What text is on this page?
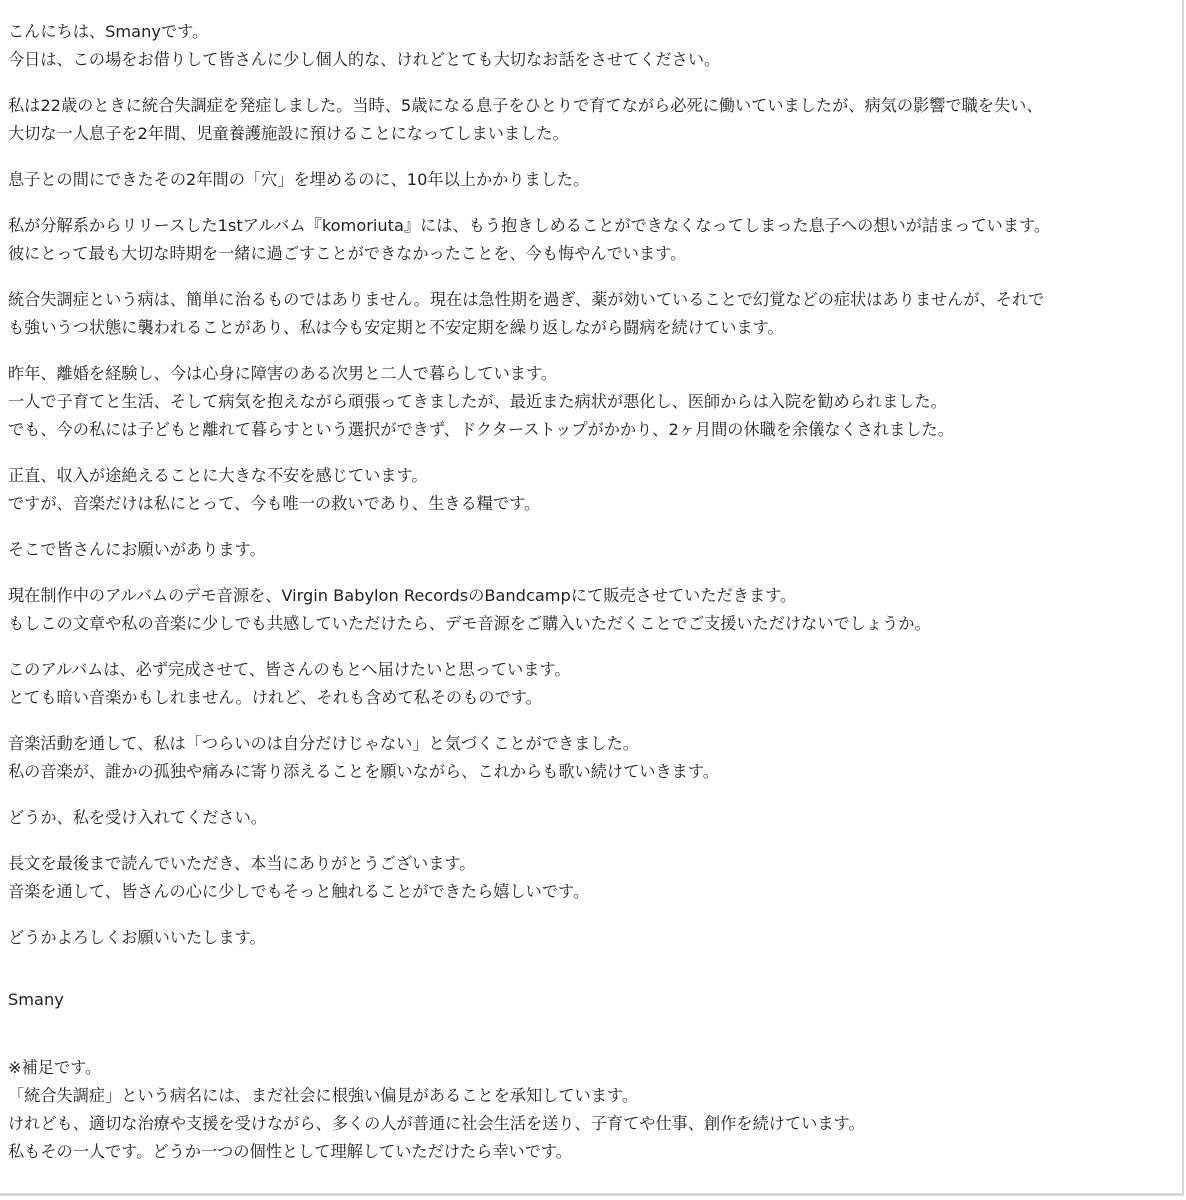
こんにちは、Smanyです。
今日は、この場をお借りして皆さんに少し個人的な、けれどとても大切なお話をさせてください。

私は22歳のときに統合失調症を発症しました。当時、5歳になる息子をひとりで育てながら必死に働いていましたが、病気の影響で職を失い、
大切な一人息子を2年間、児童養護施設に預けることになってしまいました。

息子との間にできたその2年間の「穴」を埋めるのに、10年以上かかりました。

私が分解系からリリースした1stアルバム『komoriuta』には、もう抱きしめることができなくなってしまった息子への想いが詰まっています。
彼にとって最も大切な時期を一緒に過ごすことができなかったことを、今も悔やんでいます。

統合失調症という病は、簡単に治るものではありません。現在は急性期を過ぎ、薬が効いていることで幻覚などの症状はありませんが、それで
も強いうつ状態に襲われることがあり、私は今も安定期と不安定期を繰り返しながら闘病を続けています。

昨年、離婚を経験し、今は心身に障害のある次男と二人で暮らしています。
一人で子育てと生活、そして病気を抱えながら頑張ってきましたが、最近また病状が悪化し、医師からは入院を勧められました。
でも、今の私には子どもと離れて暮らすという選択ができず、ドクターストップがかかり、2ヶ月間の休職を余儀なくされました。

正直、収入が途絶えることに大きな不安を感じています。
ですが、音楽だけは私にとって、今も唯一の救いであり、生きる糧です。

そこで皆さんにお願いがあります。

現在制作中のアルバムのデモ音源を、Virgin Babylon RecordsのBandcampにて販売させていただきます。
もしこの文章や私の音楽に少しでも共感していただけたら、デモ音源をご購入いただくことでご支援いただけないでしょうか。

このアルバムは、必ず完成させて、皆さんのもとへ届けたいと思っています。
とても暗い音楽かもしれません。けれど、それも含めて私そのものです。

音楽活動を通して、私は「つらいのは自分だけじゃない」と気づくことができました。
私の音楽が、誰かの孤独や痛みに寄り添えることを願いながら、これからも歌い続けていきます。

どうか、私を受け入れてください。

長文を最後まで読んでいただき、本当にありがとうございます。
音楽を通して、皆さんの心に少しでもそっと触れることができたら嬉しいです。

どうかよろしくお願いいたします。

Smany

※補足です。
「統合失調症」という病名には、まだ社会に根強い偏見があることを承知しています。
けれども、適切な治療や支援を受けながら、多くの人が普通に社会生活を送り、子育てや仕事、創作を続けています。
私もその一人です。どうか一つの個性として理解していただけたら幸いです。
